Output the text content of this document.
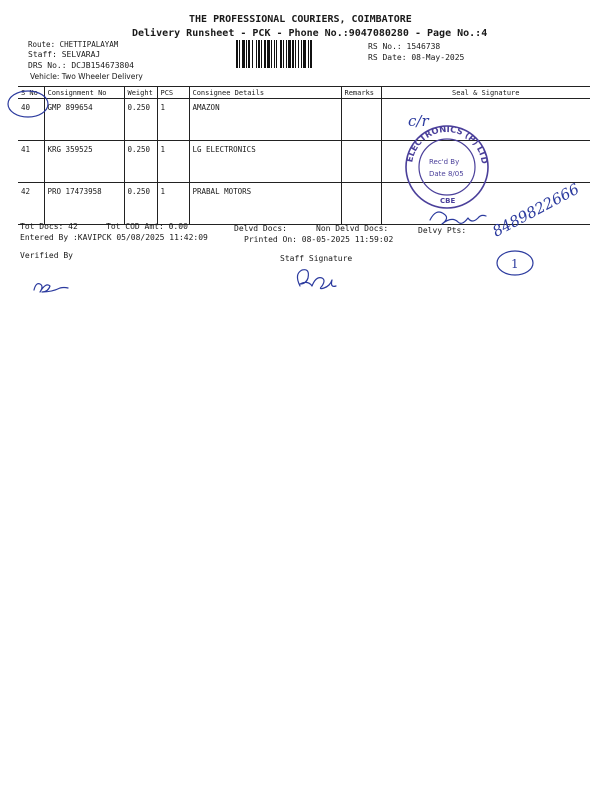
THE PROFESSIONAL COURIERS, COIMBATORE
Delivery Runsheet - PCK - Phone No.:9047080280 - Page No.:4
Route: CHETTIPALAYAM
Staff: SELVARAJ
DRS No.: DCJB154673804
Vehicle: Two Wheeler Delivery
RS No.: 1546738
RS Date: 08-May-2025
S No	Consignment No	Weight	PCS	Consignee Details	Remarks	Seal & Signature
40	GMP 899654	0.250	1	AMAZON		
41	KRG 359525	0.250	1	LG ELECTRONICS		
42	PRO 17473958	0.250	1	PRABAL MOTORS		
Tot Docs: 42	Tot COD Amt: 0.00	Delvd Docs:	Non Delvd Docs:	Delvy Pts:
Entered By :KAVIPCK 05/08/2025 11:42:09	Printed On: 08-05-2025 11:59:02
Verified By	Staff Signature
ELECTRONICS (P) LTD
Rec'd By
Date 8/05
CBE
c/r
8489822666
1
